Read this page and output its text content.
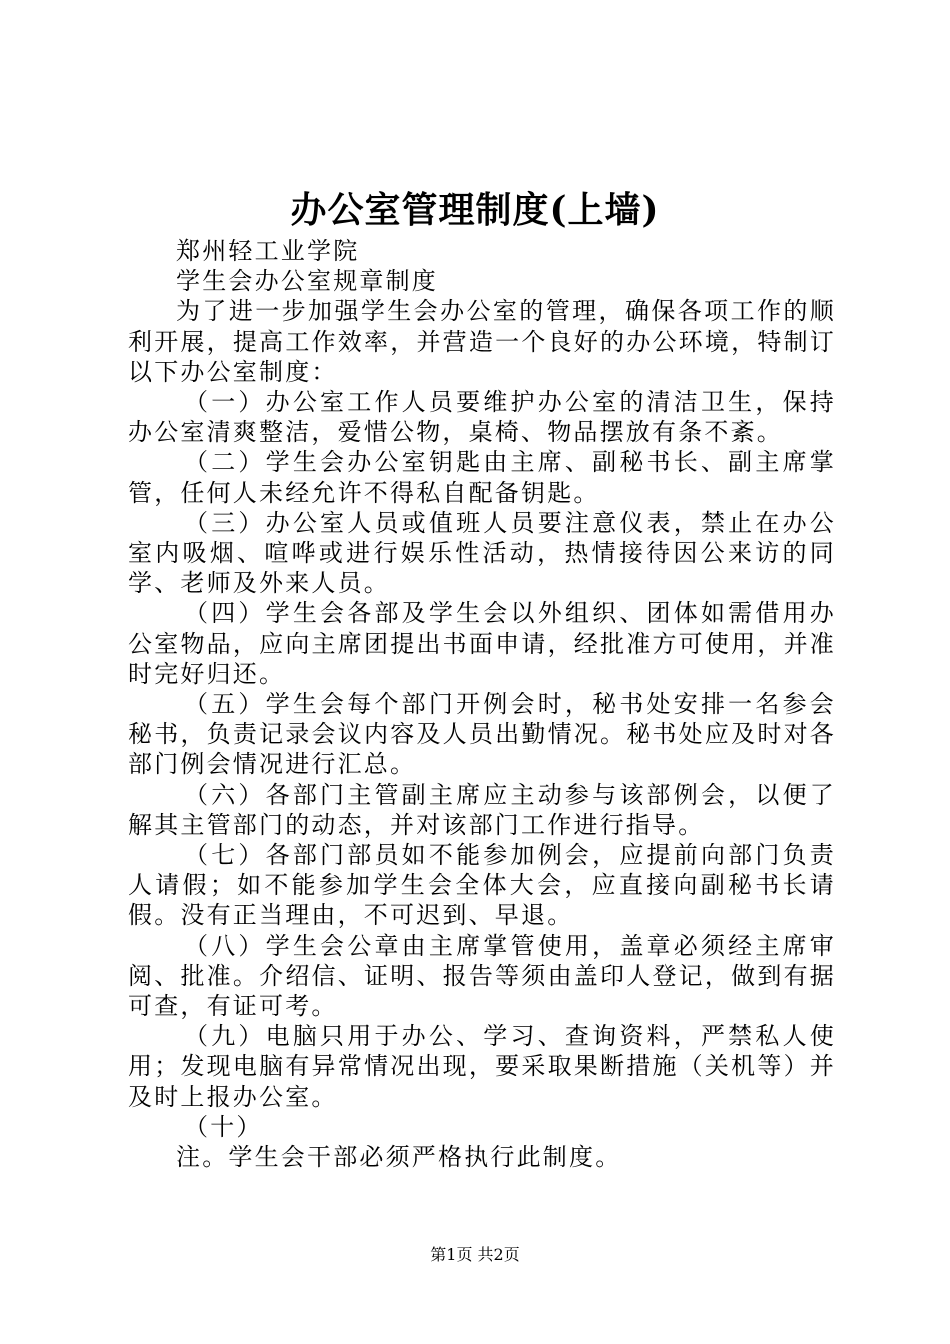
办公室管理制度(上墙)

郑州轻工业学院

学生会办公室规章制度

为了进一步加强学生会办公室的管理，确保各项工作的顺利开展，提高工作效率，并营造一个良好的办公环境，特制订以下办公室制度：

（一）办公室工作人员要维护办公室的清洁卫生，保持办公室清爽整洁，爱惜公物，桌椅、物品摆放有条不紊。

（二）学生会办公室钥匙由主席、副秘书长、副主席掌管，任何人未经允许不得私自配备钥匙。

（三）办公室人员或值班人员要注意仪表，禁止在办公室内吸烟、喧哗或进行娱乐性活动，热情接待因公来访的同学、老师及外来人员。

（四）学生会各部及学生会以外组织、团体如需借用办公室物品，应向主席团提出书面申请，经批准方可使用，并准时完好归还。

（五）学生会每个部门开例会时，秘书处安排一名参会秘书，负责记录会议内容及人员出勤情况。秘书处应及时对各部门例会情况进行汇总。

（六）各部门主管副主席应主动参与该部例会，以便了解其主管部门的动态，并对该部门工作进行指导。

（七）各部门部员如不能参加例会，应提前向部门负责人请假；如不能参加学生会全体大会，应直接向副秘书长请假。没有正当理由，不可迟到、早退。

（八）学生会公章由主席掌管使用，盖章必须经主席审阅、批准。介绍信、证明、报告等须由盖印人登记，做到有据可查，有证可考。

（九）电脑只用于办公、学习、查询资料，严禁私人使用；发现电脑有异常情况出现，要采取果断措施（关机等）并及时上报办公室。

（十）

注。学生会干部必须严格执行此制度。

第1页 共2页
